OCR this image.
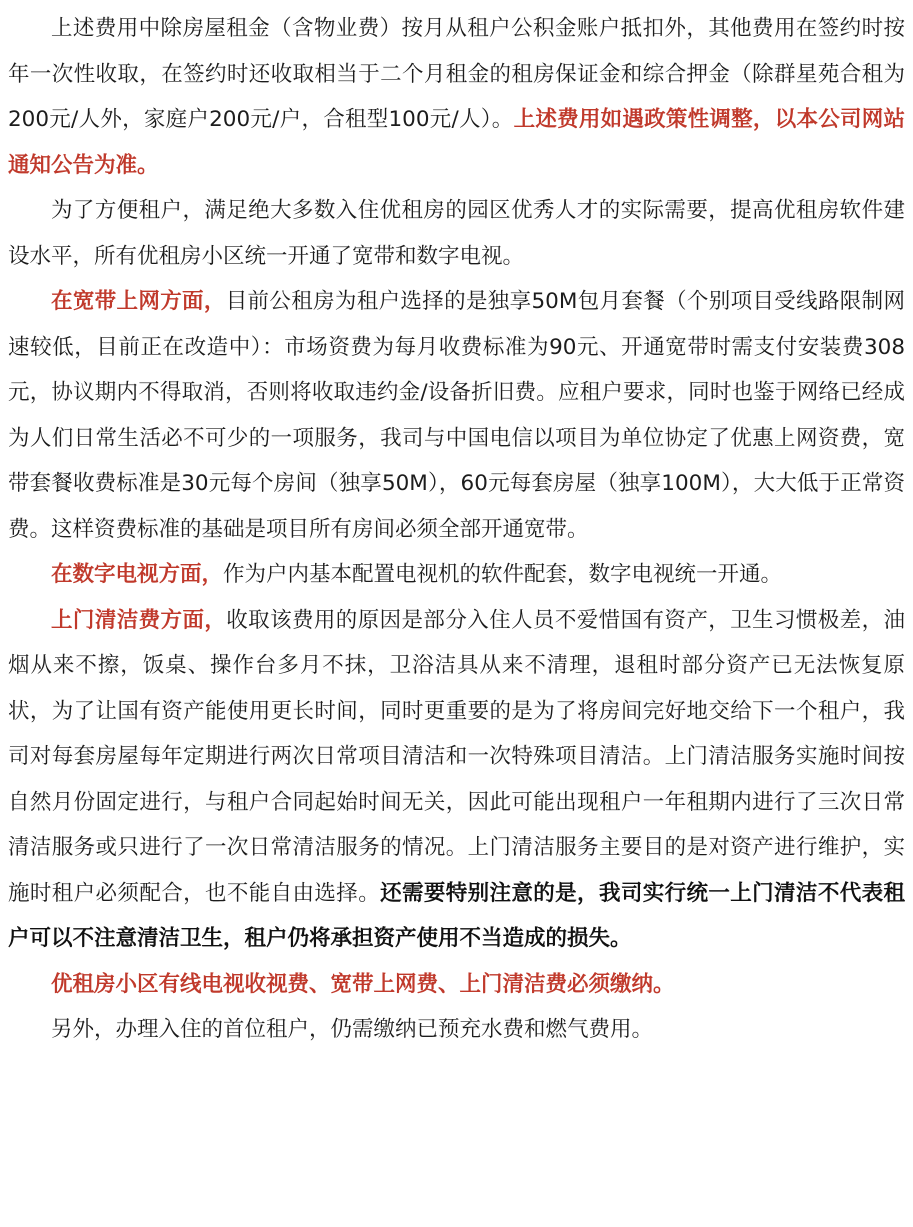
上述费用中除房屋租金（含物业费）按月从租户公积金账户抵扣外，其他费用在签约时按年一次性收取，在签约时还收取相当于二个月租金的租房保证金和综合押金（除群星苑合租为200元/人外，家庭户200元/户，合租型100元/人）。上述费用如遇政策性调整，以本公司网站通知公告为准。

为了方便租户，满足绝大多数入住优租房的园区优秀人才的实际需要，提高优租房软件建设水平，所有优租房小区统一开通了宽带和数字电视。

在宽带上网方面，目前公租房为租户选择的是独享50M包月套餐（个别项目受线路限制网速较低，目前正在改造中）：市场资费为每月收费标准为90元、开通宽带时需支付安装费308元，协议期内不得取消，否则将收取违约金/设备折旧费。应租户要求，同时也鉴于网络已经成为人们日常生活必不可少的一项服务，我司与中国电信以项目为单位协定了优惠上网资费，宽带套餐收费标准是30元每个房间（独享50M），60元每套房屋（独享100M），大大低于正常资费。这样资费标准的基础是项目所有房间必须全部开通宽带。

在数字电视方面，作为户内基本配置电视机的软件配套，数字电视统一开通。

上门清洁费方面，收取该费用的原因是部分入住人员不爱惜国有资产，卫生习惯极差，油烟从来不擦，饭桌、操作台多月不抹，卫浴洁具从来不清理，退租时部分资产已无法恢复原状，为了让国有资产能使用更长时间，同时更重要的是为了将房间完好地交给下一个租户，我司对每套房屋每年定期进行两次日常项目清洁和一次特殊项目清洁。上门清洁服务实施时间按自然月份固定进行，与租户合同起始时间无关，因此可能出现租户一年租期内进行了三次日常清洁服务或只进行了一次日常清洁服务的情况。上门清洁服务主要目的是对资产进行维护，实施时租户必须配合，也不能自由选择。还需要特别注意的是，我司实行统一上门清洁不代表租户可以不注意清洁卫生，租户仍将承担资产使用不当造成的损失。

优租房小区有线电视收视费、宽带上网费、上门清洁费必须缴纳。

另外，办理入住的首位租户，仍需缴纳已预充水费和燃气费用。
